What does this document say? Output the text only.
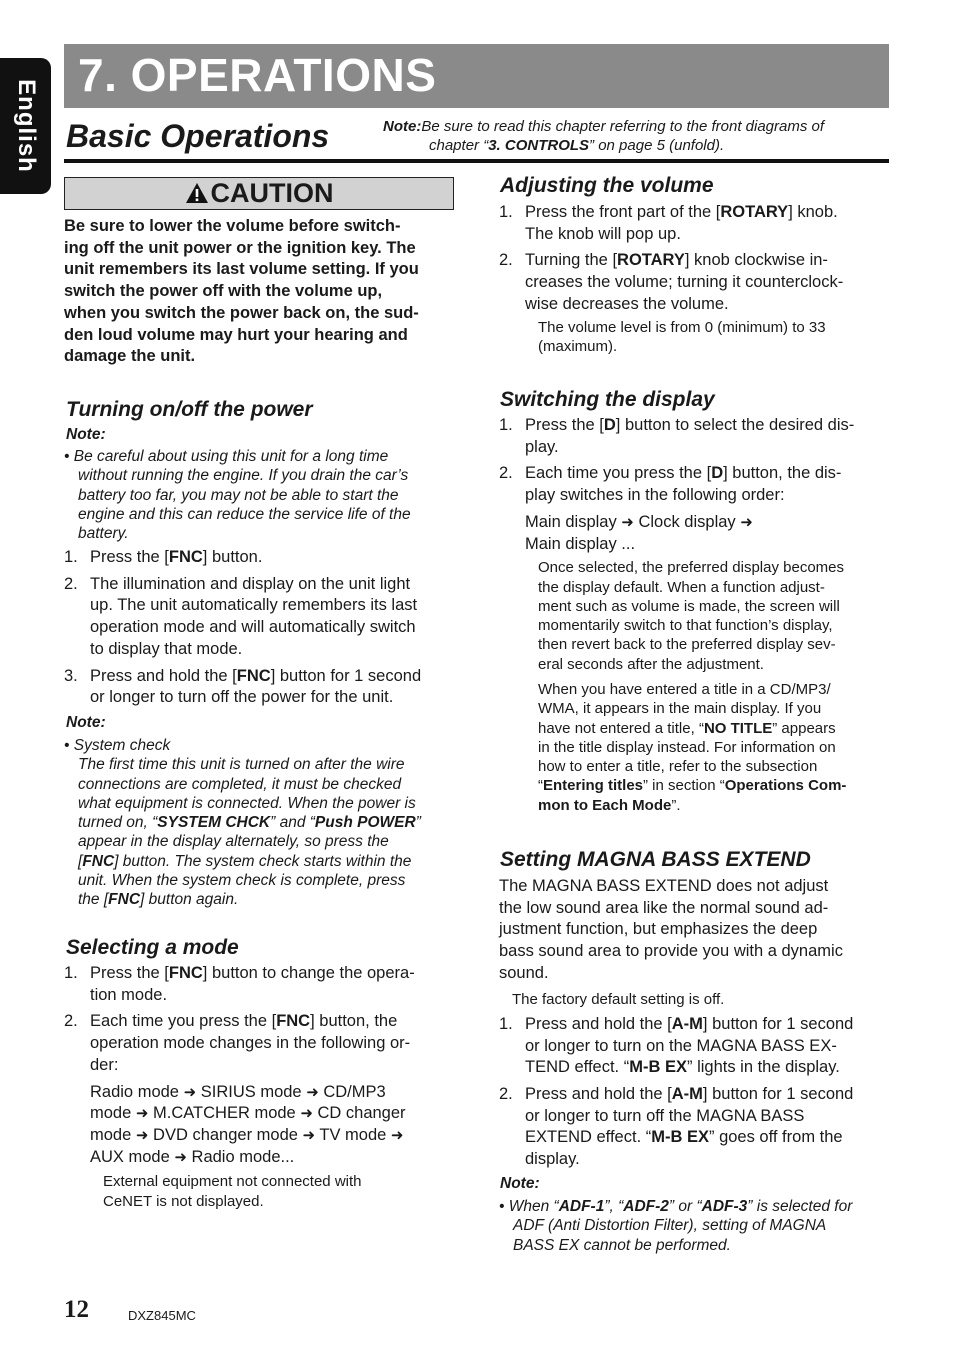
English
7. OPERATIONS
Basic Operations	Note:Be sure to read this chapter referring to the front diagrams of
chapter “3. CONTROLS” on page 5 (unfold).
CAUTION
Be sure to lower the volume before switch-
ing off the unit power or the ignition key. The
unit remembers its last volume setting. If you
switch the power off with the volume up,
when you switch the power back on, the sud-
den loud volume may hurt your hearing and
damage the unit.
Turning on/off the power
Note:
• Be careful about using this unit for a long time
without running the engine. If you drain the car’s
battery too far, you may not be able to start the
engine and this can reduce the service life of the
battery.
1. Press the [FNC] button.
2. The illumination and display on the unit light
up. The unit automatically remembers its last
operation mode and will automatically switch
to display that mode.
3. Press and hold the [FNC] button for 1 second
or longer to turn off the power for the unit.
Note:
• System check
The first time this unit is turned on after the wire
connections are completed, it must be checked
what equipment is connected. When the power is
turned on, “SYSTEM CHCK” and “Push POWER”
appear in the display alternately, so press the
[FNC] button. The system check starts within the
unit. When the system check is complete, press
the [FNC] button again.
Selecting a mode
1. Press the [FNC] button to change the opera-
tion mode.
2. Each time you press the [FNC] button, the
operation mode changes in the following or-
der:
Radio mode ➜ SIRIUS mode ➜ CD/MP3
mode ➜ M.CATCHER mode ➜ CD changer
mode ➜ DVD changer mode ➜ TV mode ➜
AUX mode ➜ Radio mode...
External equipment not connected with
CeNET is not displayed.
Adjusting the volume
1. Press the front part of the [ROTARY] knob.
The knob will pop up.
2. Turning the [ROTARY] knob clockwise in-
creases the volume; turning it counterclock-
wise decreases the volume.
The volume level is from 0 (minimum) to 33
(maximum).
Switching the display
1. Press the [D] button to select the desired dis-
play.
2. Each time you press the [D] button, the dis-
play switches in the following order:
Main display ➜ Clock display ➜
Main display ...
Once selected, the preferred display becomes
the display default. When a function adjust-
ment such as volume is made, the screen will
momentarily switch to that function’s display,
then revert back to the preferred display sev-
eral seconds after the adjustment.
When you have entered a title in a CD/MP3/
WMA, it appears in the main display. If you
have not entered a title, “NO TITLE” appears
in the title display instead. For information on
how to enter a title, refer to the subsection
“Entering titles” in section “Operations Com-
mon to Each Mode”.
Setting MAGNA BASS EXTEND
The MAGNA BASS EXTEND does not adjust
the low sound area like the normal sound ad-
justment function, but emphasizes the deep
bass sound area to provide you with a dynamic
sound.
The factory default setting is off.
1. Press and hold the [A-M] button for 1 second
or longer to turn on the MAGNA BASS EX-
TEND effect. “M-B EX” lights in the display.
2. Press and hold the [A-M] button for 1 second
or longer to turn off the MAGNA BASS
EXTEND effect. “M-B EX” goes off from the
display.
Note:
• When “ADF-1”, “ADF-2” or “ADF-3” is selected for
ADF (Anti Distortion Filter), setting of MAGNA
BASS EX cannot be performed.
12	DXZ845MC
